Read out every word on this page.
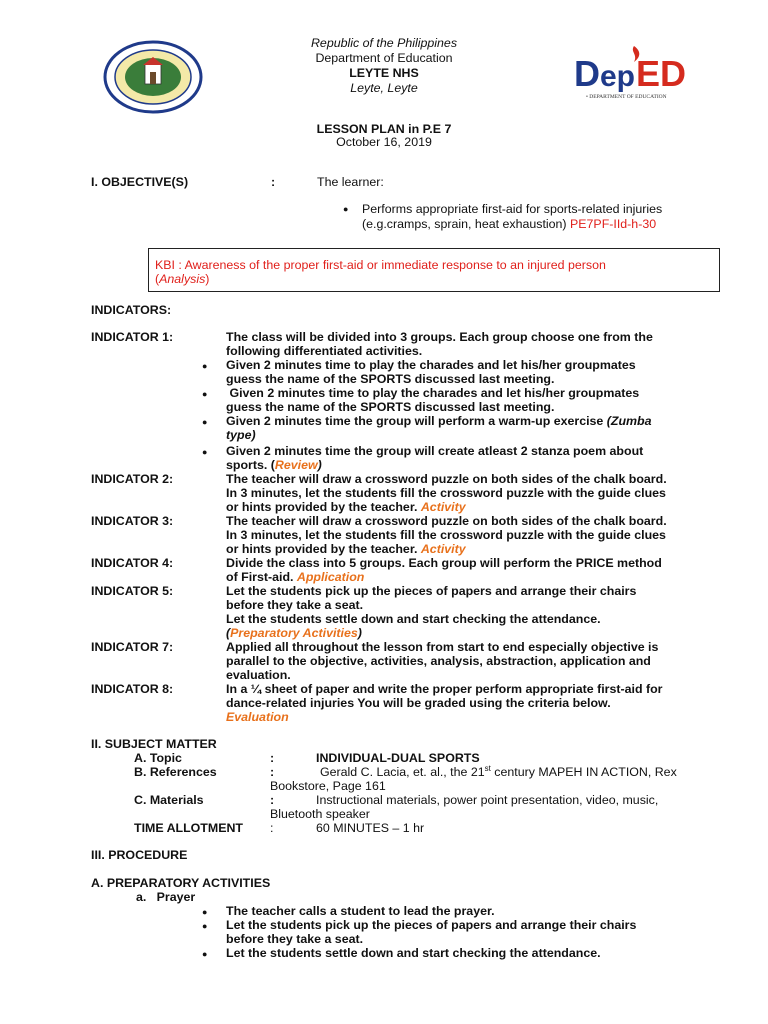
Republic of the Philippines
Department of Education
LEYTE NHS
Leyte, Leyte	D ep ED
• DEPARTMENT OF EDUCATION
LESSON PLAN in P.E 7
October 16, 2019
I. OBJECTIVE(S)	:	The learner:
● Performs appropriate first-aid for sports-related injuries
(e.g.cramps, sprain, heat exhaustion) PE7PF-IId-h-30
KBI : Awareness of the proper first-aid or immediate response to an injured person
(Analysis)
INDICATORS:
INDICATOR 1:	The class will be divided into 3 groups. Each group choose one from the
following differentiated activities.
● Given 2 minutes time to play the charades and let his/her groupmates
guess the name of the SPORTS discussed last meeting.
● Given 2 minutes time to play the charades and let his/her groupmates
guess the name of the SPORTS discussed last meeting.
● Given 2 minutes time the group will perform a warm-up exercise (Zumba
type)
● Given 2 minutes time the group will create atleast 2 stanza poem about
sports. (Review)
INDICATOR 2:	The teacher will draw a crossword puzzle on both sides of the chalk board.
In 3 minutes, let the students fill the crossword puzzle with the guide clues
or hints provided by the teacher. Activity
INDICATOR 3:	The teacher will draw a crossword puzzle on both sides of the chalk board.
In 3 minutes, let the students fill the crossword puzzle with the guide clues
or hints provided by the teacher. Activity
INDICATOR 4:	Divide the class into 5 groups. Each group will perform the PRICE method
of First-aid. Application
INDICATOR 5:	Let the students pick up the pieces of papers and arrange their chairs
before they take a seat.
Let the students settle down and start checking the attendance.
(Preparatory Activities)
INDICATOR 7:	Applied all throughout the lesson from start to end especially objective is
parallel to the objective, activities, analysis, abstraction, application and
evaluation.
INDICATOR 8:	In a ¼ sheet of paper and write the proper perform appropriate first-aid for
dance-related injuries You will be graded using the criteria below.
Evaluation
II. SUBJECT MATTER
A. Topic	:	INDIVIDUAL-DUAL SPORTS
B. References	:	Gerald C. Lacia, et. al., the 21st century MAPEH IN ACTION, Rex
Bookstore, Page 161
C. Materials	:	Instructional materials, power point presentation, video, music,
Bluetooth speaker
TIME ALLOTMENT :	60 MINUTES – 1 hr
III. PROCEDURE
A. PREPARATORY ACTIVITIES
a.   Prayer
● The teacher calls a student to lead the prayer.
● Let the students pick up the pieces of papers and arrange their chairs
before they take a seat.
● Let the students settle down and start checking the attendance.
